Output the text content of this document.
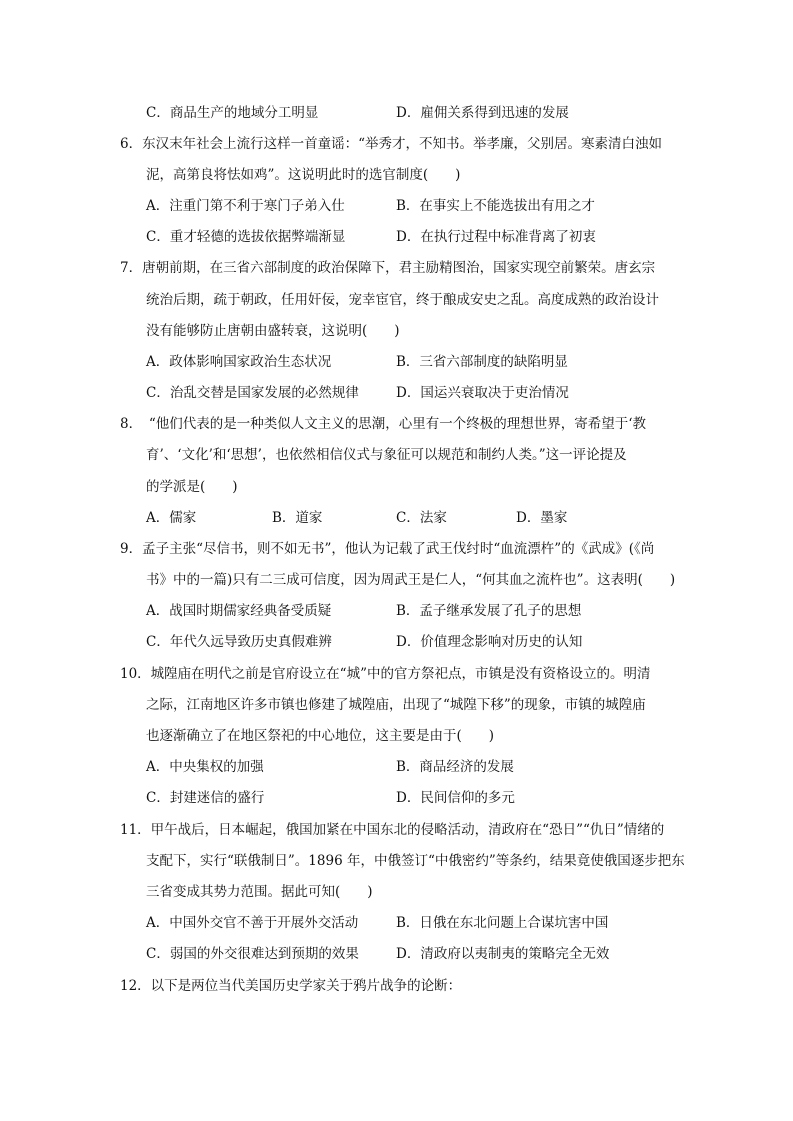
C．商品生产的地域分工明显	D．雇佣关系得到迅速的发展
6．东汉末年社会上流行这样一首童谣：“举秀才，不知书。举孝廉，父别居。寒素清白浊如
泥，高第良将怯如鸡”。这说明此时的选官制度(　　)
A．注重门第不利于寒门子弟入仕	B．在事实上不能选拔出有用之才
C．重才轻德的选拔依据弊端渐显	D．在执行过程中标准背离了初衷
7．唐朝前期，在三省六部制度的政治保障下，君主励精图治，国家实现空前繁荣。唐玄宗
统治后期，疏于朝政，任用奸佞，宠幸宦官，终于酿成安史之乱。高度成熟的政治设计
没有能够防止唐朝由盛转衰，这说明(　　)
A．政体影响国家政治生态状况	B．三省六部制度的缺陷明显
C．治乱交替是国家发展的必然规律	D．国运兴衰取决于吏治情况
8．　“他们代表的是一种类似人文主义的思潮，心里有一个终极的理想世界，寄希望于‘教
育’、‘文化’和‘思想’，也依然相信仪式与象征可以规范和制约人类。”这一评论提及
的学派是(　　)
A．儒家	B．道家	C．法家	D．墨家
9．孟子主张“尽信书，则不如无书”，他认为记载了武王伐纣时“血流漂杵”的《武成》(《尚
书》中的一篇)只有二三成可信度，因为周武王是仁人，“何其血之流杵也”。这表明(　　)
A．战国时期儒家经典备受质疑	B．孟子继承发展了孔子的思想
C．年代久远导致历史真假难辨	D．价值理念影响对历史的认知
10．城隍庙在明代之前是官府设立在“城”中的官方祭祀点，市镇是没有资格设立的。明清
之际，江南地区许多市镇也修建了城隍庙，出现了“城隍下移”的现象，市镇的城隍庙
也逐渐确立了在地区祭祀的中心地位，这主要是由于(　　)
A．中央集权的加强	B．商品经济的发展
C．封建迷信的盛行	D．民间信仰的多元
11．甲午战后，日本崛起，俄国加紧在中国东北的侵略活动，清政府在“恐日”“仇日”情绪的
支配下，实行“联俄制日”。1896 年，中俄签订“中俄密约”等条约，结果竟使俄国逐步把东
三省变成其势力范围。据此可知(　　)
A．中国外交官不善于开展外交活动	B．日俄在东北问题上合谋坑害中国
C．弱国的外交很难达到预期的效果	D．清政府以夷制夷的策略完全无效
12．以下是两位当代美国历史学家关于鸦片战争的论断：
